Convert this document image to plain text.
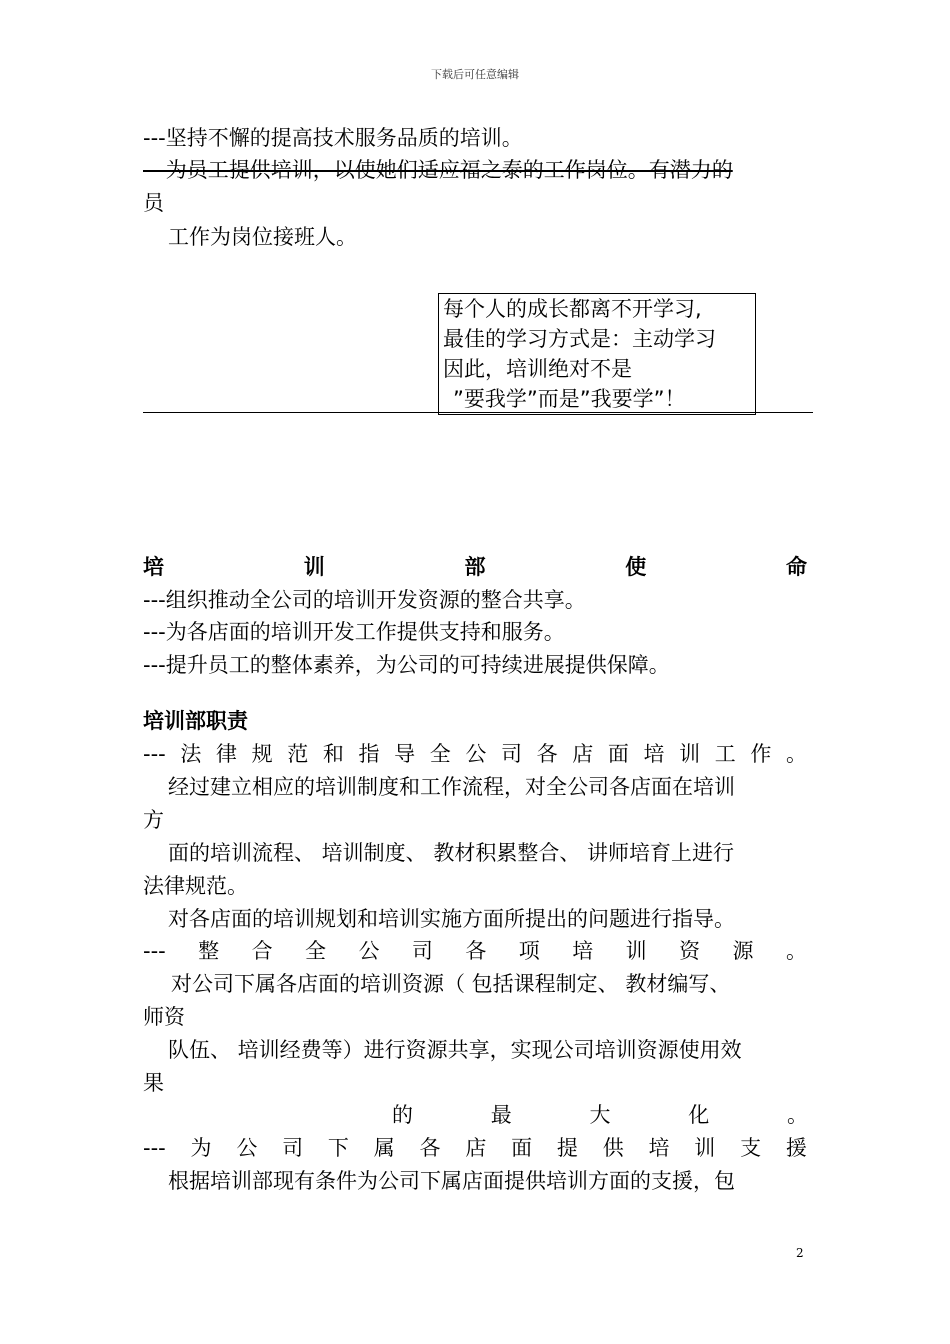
下载后可任意编辑
---坚持不懈的提高技术服务品质的培训。
---为员工提供培训，以使她们适应福之泰的工作岗位。有潜力的
员
工作为岗位接班人。
每个人的成长都离不开学习,
最佳的学习方式是：主动学习
因此，培训绝对不是
”要我学”而是”我要学”！
培	训	部	使	命
---组织推动全公司的培训开发资源的整合共享。
---为各店面的培训开发工作提供支持和服务。
---提升员工的整体素养，为公司的可持续进展提供保障。
培训部职责
--- 法 律 规 范 和 指 导 全 公 司 各 店 面 培 训 工 作 。
经过建立相应的培训制度和工作流程，对全公司各店面在培训
方
面的培训流程、 培训制度、 教材积累整合、 讲师培育上进行
法律规范。
对各店面的培训规划和培训实施方面所提出的问题进行指导。
--- 整 合 全 公 司 各 项 培 训 资 源 。
对公司下属各店面的培训资源（ 包括课程制定、 教材编写、
师资
队伍、 培训经费等）进行资源共享，实现公司培训资源使用效
果
的	最	大	化	。
--- 为 公 司 下 属 各 店 面 提 供 培 训 支 援
根据培训部现有条件为公司下属店面提供培训方面的支援，包
2
